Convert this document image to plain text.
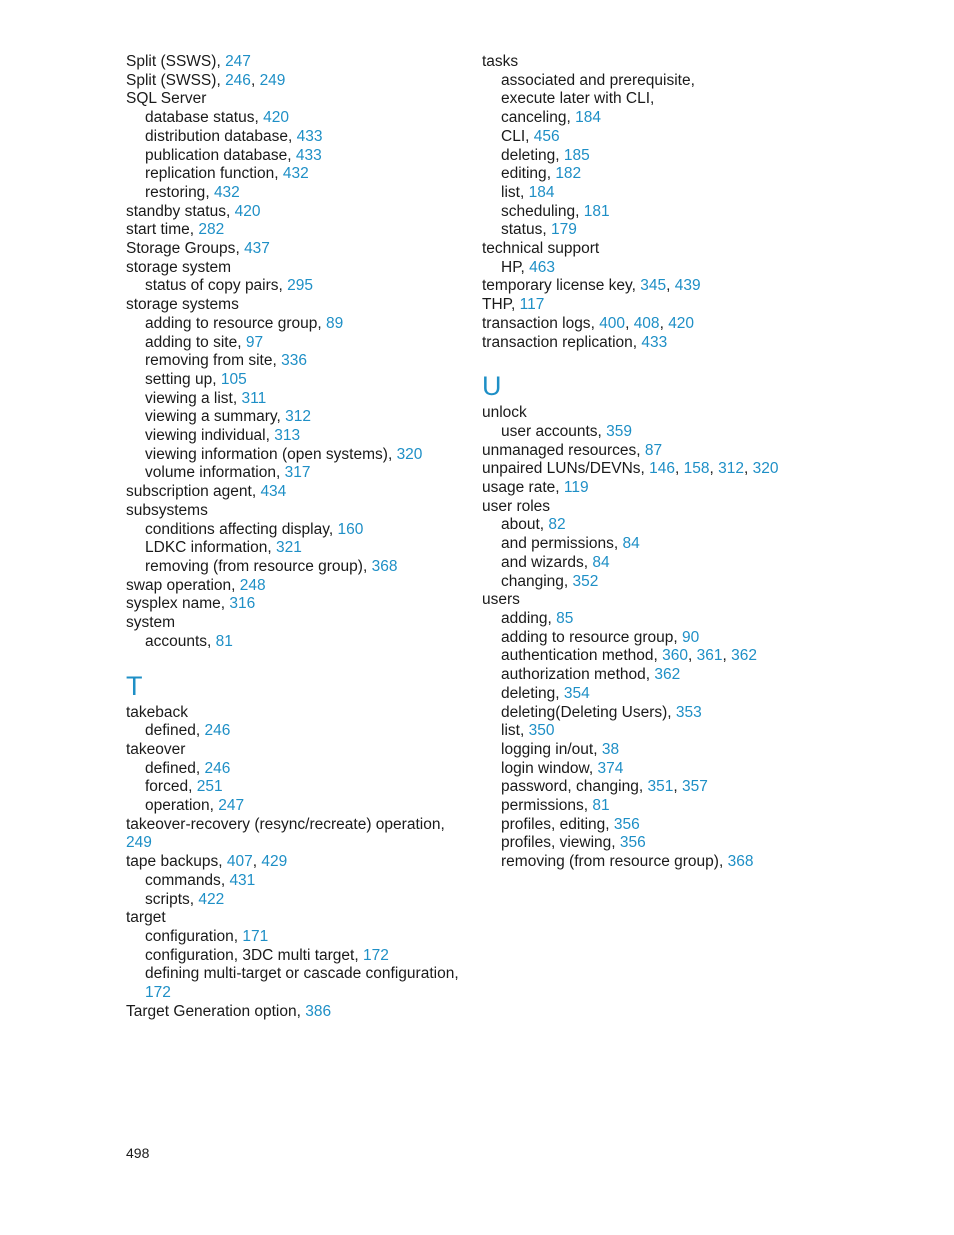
Split (SSWS), 247
Split (SWSS), 246, 249
SQL Server
database status, 420
distribution database, 433
publication database, 433
replication function, 432
restoring, 432
standby status, 420
start time, 282
Storage Groups, 437
storage system
status of copy pairs, 295
storage systems
adding to resource group, 89
adding to site, 97
removing from site, 336
setting up, 105
viewing a list, 311
viewing a summary, 312
viewing individual, 313
viewing information (open systems), 320
volume information, 317
subscription agent, 434
subsystems
conditions affecting display, 160
LDKC information, 321
removing (from resource group), 368
swap operation, 248
sysplex name, 316
system
accounts, 81
T
takeback
defined, 246
takeover
defined, 246
forced, 251
operation, 247
takeover-recovery (resync/recreate) operation, 249
tape backups, 407, 429
commands, 431
scripts, 422
target
configuration, 171
configuration, 3DC multi target, 172
defining multi-target or cascade configuration, 172
Target Generation option, 386
tasks
associated and prerequisite,
execute later with CLI,
canceling, 184
CLI, 456
deleting, 185
editing, 182
list, 184
scheduling, 181
status, 179
technical support
HP, 463
temporary license key, 345, 439
THP, 117
transaction logs, 400, 408, 420
transaction replication, 433
U
unlock
user accounts, 359
unmanaged resources, 87
unpaired LUNs/DEVNs, 146, 158, 312, 320
usage rate, 119
user roles
about, 82
and permissions, 84
and wizards, 84
changing, 352
users
adding, 85
adding to resource group, 90
authentication method, 360, 361, 362
authorization method, 362
deleting, 354
deleting(Deleting Users), 353
list, 350
logging in/out, 38
login window, 374
password, changing, 351, 357
permissions, 81
profiles, editing, 356
profiles, viewing, 356
removing (from resource group), 368
498
